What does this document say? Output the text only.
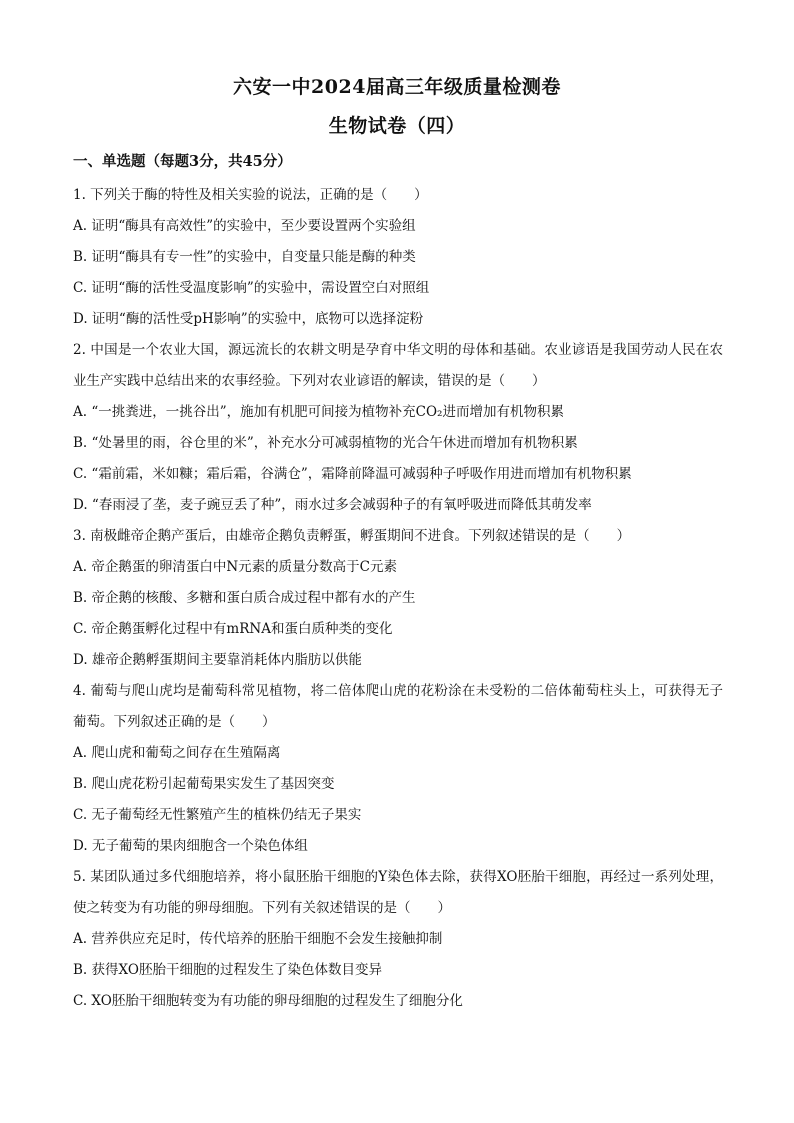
六安一中2024届高三年级质量检测卷
生物试卷（四）
一、单选题（每题3分，共45分）

1. 下列关于酶的特性及相关实验的说法，正确的是（　　）

A. 证明“酶具有高效性”的实验中，至少要设置两个实验组

B. 证明“酶具有专一性”的实验中，自变量只能是酶的种类

C. 证明“酶的活性受温度影响”的实验中，需设置空白对照组

D. 证明“酶的活性受pH影响”的实验中，底物可以选择淀粉

2. 中国是一个农业大国，源远流长的农耕文明是孕育中华文明的母体和基础。农业谚语是我国劳动人民在农业生产实践中总结出来的农事经验。下列对农业谚语的解读，错误的是（　　）

A. “一挑粪进，一挑谷出”，施加有机肥可间接为植物补充CO₂进而增加有机物积累

B. “处暑里的雨，谷仓里的米”，补充水分可减弱植物的光合午休进而增加有机物积累

C. “霜前霜，米如糠；霜后霜，谷满仓”，霜降前降温可减弱种子呼吸作用进而增加有机物积累

D. “春雨浸了垄，麦子豌豆丢了种”，雨水过多会减弱种子的有氧呼吸进而降低其萌发率

3. 南极雌帝企鹅产蛋后，由雄帝企鹅负责孵蛋，孵蛋期间不进食。下列叙述错误的是（　　）

A. 帝企鹅蛋的卵清蛋白中N元素的质量分数高于C元素

B. 帝企鹅的核酸、多糖和蛋白质合成过程中都有水的产生

C. 帝企鹅蛋孵化过程中有mRNA和蛋白质种类的变化

D. 雄帝企鹅孵蛋期间主要靠消耗体内脂肪以供能

4. 葡萄与爬山虎均是葡萄科常见植物，将二倍体爬山虎的花粉涂在未受粉的二倍体葡萄柱头上，可获得无子葡萄。下列叙述正确的是（　　）

A. 爬山虎和葡萄之间存在生殖隔离

B. 爬山虎花粉引起葡萄果实发生了基因突变

C. 无子葡萄经无性繁殖产生的植株仍结无子果实

D. 无子葡萄的果肉细胞含一个染色体组

5. 某团队通过多代细胞培养，将小鼠胚胎干细胞的Y染色体去除，获得XO胚胎干细胞，再经过一系列处理，使之转变为有功能的卵母细胞。下列有关叙述错误的是（　　）

A. 营养供应充足时，传代培养的胚胎干细胞不会发生接触抑制

B. 获得XO胚胎干细胞的过程发生了染色体数目变异

C. XO胚胎干细胞转变为有功能的卵母细胞的过程发生了细胞分化
